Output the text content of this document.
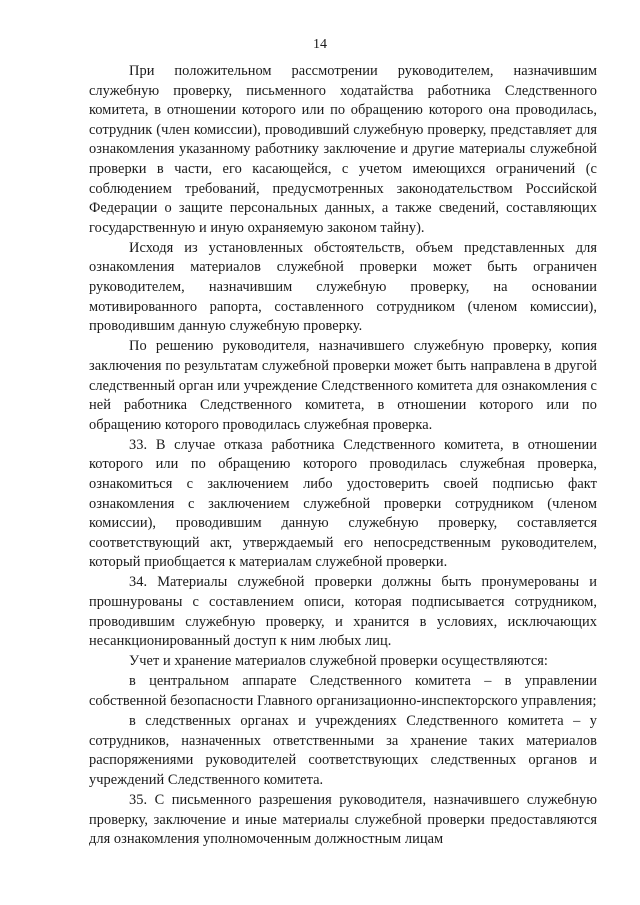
14

При положительном рассмотрении руководителем, назначившим служебную проверку, письменного ходатайства работника Следственного комитета, в отношении которого или по обращению которого она проводилась, сотрудник (член комиссии), проводивший служебную проверку, представляет для ознакомления указанному работнику заключение и другие материалы служебной проверки в части, его касающейся, с учетом имеющихся ограничений (с соблюдением требований, предусмотренных законодательством Российской Федерации о защите персональных данных, а также сведений, составляющих государственную и иную охраняемую законом тайну).

Исходя из установленных обстоятельств, объем представленных для ознакомления материалов служебной проверки может быть ограничен руководителем, назначившим служебную проверку, на основании мотивированного рапорта, составленного сотрудником (членом комиссии), проводившим данную служебную проверку.

По решению руководителя, назначившего служебную проверку, копия заключения по результатам служебной проверки может быть направлена в другой следственный орган или учреждение Следственного комитета для ознакомления с ней работника Следственного комитета, в отношении которого или по обращению которого проводилась служебная проверка.

33. В случае отказа работника Следственного комитета, в отношении которого или по обращению которого проводилась служебная проверка, ознакомиться с заключением либо удостоверить своей подписью факт ознакомления с заключением служебной проверки сотрудником (членом комиссии), проводившим данную служебную проверку, составляется соответствующий акт, утверждаемый его непосредственным руководителем, который приобщается к материалам служебной проверки.

34. Материалы служебной проверки должны быть пронумерованы и прошнурованы с составлением описи, которая подписывается сотрудником, проводившим служебную проверку, и хранится в условиях, исключающих несанкционированный доступ к ним любых лиц.

Учет и хранение материалов служебной проверки осуществляются:

в центральном аппарате Следственного комитета – в управлении собственной безопасности Главного организационно-инспекторского управления;

в следственных органах и учреждениях Следственного комитета – у сотрудников, назначенных ответственными за хранение таких материалов распоряжениями руководителей соответствующих следственных органов и учреждений Следственного комитета.

35. С письменного разрешения руководителя, назначившего служебную проверку, заключение и иные материалы служебной проверки предоставляются для ознакомления уполномоченным должностным лицам
